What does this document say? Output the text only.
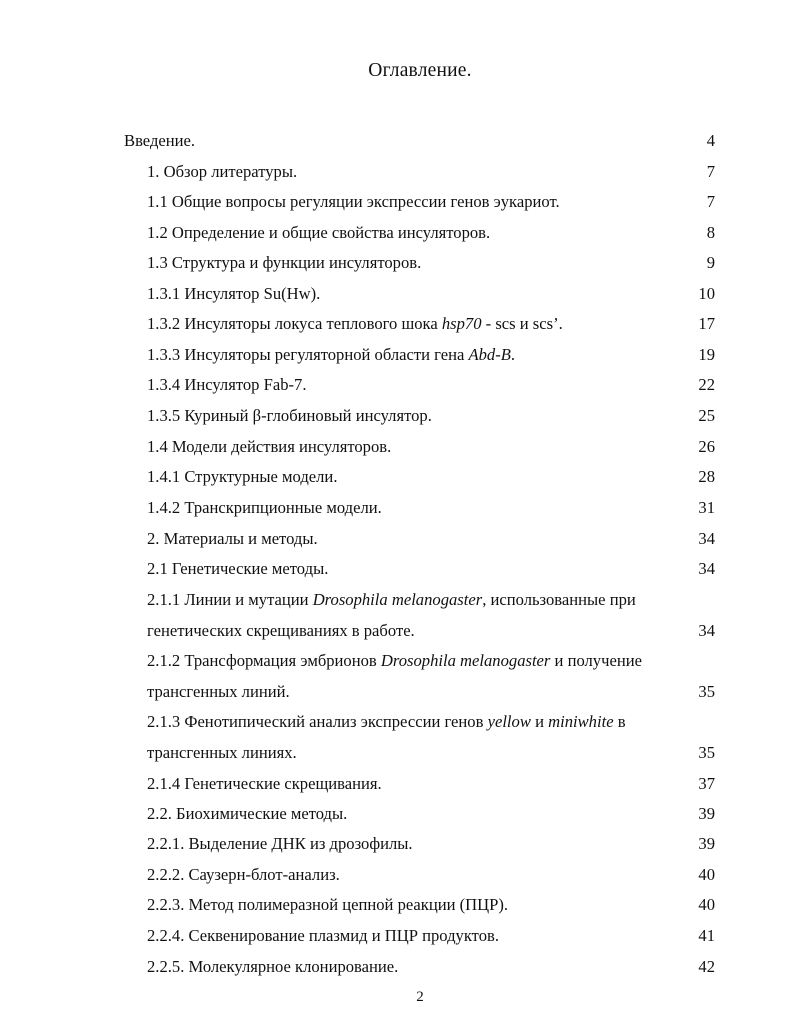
Оглавление.
Введение.	4
1. Обзор литературы.	7
1.1 Общие вопросы регуляции экспрессии генов эукариот.	7
1.2 Определение и общие свойства инсуляторов.	8
1.3 Структура и функции инсуляторов.	9
1.3.1 Инсулятор Su(Hw).	10
1.3.2 Инсуляторы локуса теплового шока hsp70 - scs и scs’.	17
1.3.3 Инсуляторы регуляторной области гена Abd-B.	19
1.3.4 Инсулятор Fab-7.	22
1.3.5 Куриный β-глобиновый инсулятор.	25
1.4 Модели действия инсуляторов.	26
1.4.1 Структурные модели.	28
1.4.2 Транскрипционные модели.	31
2. Материалы и методы.	34
2.1 Генетические методы.	34
2.1.1 Линии и мутации Drosophila melanogaster, использованные при
генетических скрещиваниях в работе.	34
2.1.2 Трансформация эмбрионов Drosophila melanogaster и получение
трансгенных линий.	35
2.1.3 Фенотипический анализ экспрессии генов yellow и miniwhite в
трансгенных линиях.	35
2.1.4 Генетические скрещивания.	37
2.2. Биохимические методы.	39
2.2.1. Выделение ДНК из дрозофилы.	39
2.2.2. Саузерн-блот-анализ.	40
2.2.3. Метод полимеразной цепной реакции (ПЦР).	40
2.2.4. Секвенирование плазмид и ПЦР продуктов.	41
2.2.5. Молекулярное клонирование.	42
2
